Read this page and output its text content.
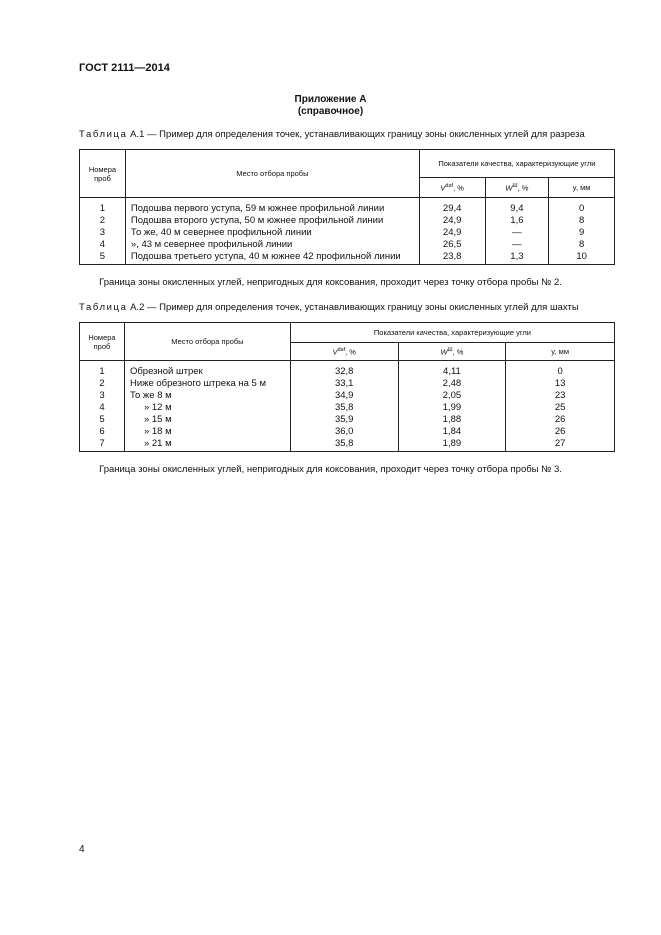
ГОСТ 2111—2014
Приложение А
(справочное)
Таблица А.1 — Пример для определения точек, устанавливающих границу зоны окисленных углей для разреза
Номера проб	Место отбора пробы	Показатели качества, характеризующие угли		
		$V^{daf}$, %	$W^Ш$, %	y, мм
1	Подошва первого уступа, 59 м южнее профильной линии	29,4	9,4	0
2	Подошва второго уступа, 50 м южнее профильной линии	24,9	1,6	8
3	То же, 40 м севернее профильной линии	24,9	—	9
4	», 43 м севернее профильной линии	26,5	—	8
5	Подошва третьего уступа, 40 м южнее 42 профильной линии	23,8	1,3	10
Граница зоны окисленных углей, непригодных для коксования, проходит через точку отбора пробы № 2.
Таблица А.2 — Пример для определения точек, устанавливающих границу зоны окисленных углей для шахты
Номера проб	Место отбора пробы	Показатели качества, характеризующие угли		
		$V^{daf}$, %	$W^Ш$, %	y, мм
1	Обрезной штрек	32,8	4,11	0
2	Ниже обрезного штрека на 5 м	33,1	2,48	13
3	То же 8 м	34,9	2,05	23
4	» 12 м	35,8	1,99	25
5	» 15 м	35,9	1,88	26
6	» 18 м	36,0	1,84	26
7	» 21 м	35,8	1,89	27
Граница зоны окисленных углей, непригодных для коксования, проходит через точку отбора пробы № 3.
4
